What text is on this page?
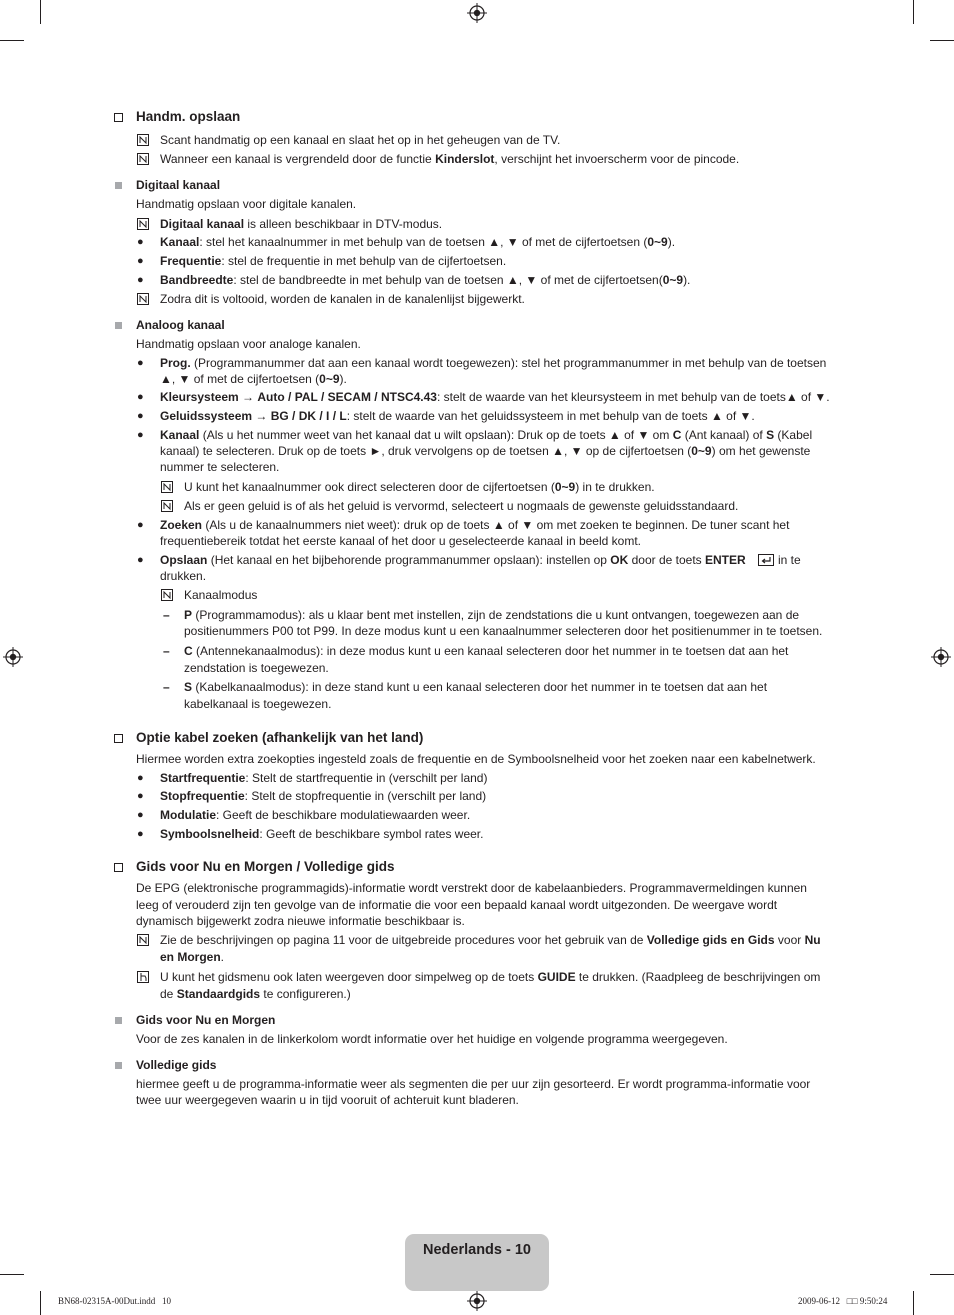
Handm. opslaan
Scant handmatig op een kanaal en slaat het op in het geheugen van de TV.
Wanneer een kanaal is vergrendeld door de functie Kinderslot, verschijnt het invoerscherm voor de pincode.
Digitaal kanaal
Handmatig opslaan voor digitale kanalen.
Digitaal kanaal is alleen beschikbaar in DTV-modus.
● Kanaal: stel het kanaalnummer in met behulp van de toetsen ▲, ▼ of met de cijfertoetsen (0~9).
● Frequentie: stel de frequentie in met behulp van de cijfertoetsen.
● Bandbreedte: stel de bandbreedte in met behulp van de toetsen ▲, ▼ of met de cijfertoetsen(0~9).
Zodra dit is voltooid, worden de kanalen in de kanalenlijst bijgewerkt.
Analoog kanaal
Handmatig opslaan voor analoge kanalen.
● Prog. (Programmanummer dat aan een kanaal wordt toegewezen): stel het programmanummer in met behulp van de toetsen
▲, ▼ of met de cijfertoetsen (0~9).
● Kleursysteem → Auto / PAL / SECAM / NTSC4.43: stelt de waarde van het kleursysteem in met behulp van de toets▲ of ▼.
● Geluidssysteem → BG / DK / I / L: stelt de waarde van het geluidssysteem in met behulp van de toets ▲ of ▼.
● Kanaal (Als u het nummer weet van het kanaal dat u wilt opslaan): Druk op de toets ▲ of ▼ om C (Ant kanaal) of S (Kabel
kanaal) te selecteren. Druk op de toets ►, druk vervolgens op de toetsen ▲, ▼ op de cijfertoetsen (0~9) om het gewenste
nummer te selecteren.
U kunt het kanaalnummer ook direct selecteren door de cijfertoetsen (0~9) in te drukken.
Als er geen geluid is of als het geluid is vervormd, selecteert u nogmaals de gewenste geluidsstandaard.
● Zoeken (Als u de kanaalnummers niet weet): druk op de toets ▲ of ▼ om met zoeken te beginnen. De tuner scant het
frequentiebereik totdat het eerste kanaal of het door u geselecteerde kanaal in beeld komt.
● Opslaan (Het kanaal en het bijbehorende programmanummer opslaan): instellen op OK door de toets ENTER	in te
drukken.
Kanaalmodus
– P (Programmamodus): als u klaar bent met instellen, zijn de zendstations die u kunt ontvangen, toegewezen aan de
positienummers P00 tot P99. In deze modus kunt u een kanaalnummer selecteren door het positienummer in te toetsen.
– C (Antennekanaalmodus): in deze modus kunt u een kanaal selecteren door het nummer in te toetsen dat aan het
zendstation is toegewezen.
– S (Kabelkanaalmodus): in deze stand kunt u een kanaal selecteren door het nummer in te toetsen dat aan het
kabelkanaal is toegewezen.
Optie kabel zoeken (afhankelijk van het land)
Hiermee worden extra zoekopties ingesteld zoals de frequentie en de Symboolsnelheid voor het zoeken naar een kabelnetwerk.
● Startfrequentie: Stelt de startfrequentie in (verschilt per land)
● Stopfrequentie: Stelt de stopfrequentie in (verschilt per land)
● Modulatie: Geeft de beschikbare modulatiewaarden weer.
● Symboolsnelheid: Geeft de beschikbare symbol rates weer.
Gids voor Nu en Morgen / Volledige gids
De EPG (elektronische programmagids)-informatie wordt verstrekt door de kabelaanbieders. Programmavermeldingen kunnen
leeg of verouderd zijn ten gevolge van de informatie die voor een bepaald kanaal wordt uitgezonden. De weergave wordt
dynamisch bijgewerkt zodra nieuwe informatie beschikbaar is.
Zie de beschrijvingen op pagina 11 voor de uitgebreide procedures voor het gebruik van de Volledige gids en Gids voor Nu
en Morgen.
U kunt het gidsmenu ook laten weergeven door simpelweg op de toets GUIDE te drukken. (Raadpleeg de beschrijvingen om
de Standaardgids te configureren.)
Gids voor Nu en Morgen
Voor de zes kanalen in de linkerkolom wordt informatie over het huidige en volgende programma weergegeven.
Volledige gids
hiermee geeft u de programma-informatie weer als segmenten die per uur zijn gesorteerd. Er wordt programma-informatie voor
twee uur weergegeven waarin u in tijd vooruit of achteruit kunt bladeren.
Nederlands - 10
BN68-02315A-00Dut.indd   10	2009-06-12   □□ 9:50:24
